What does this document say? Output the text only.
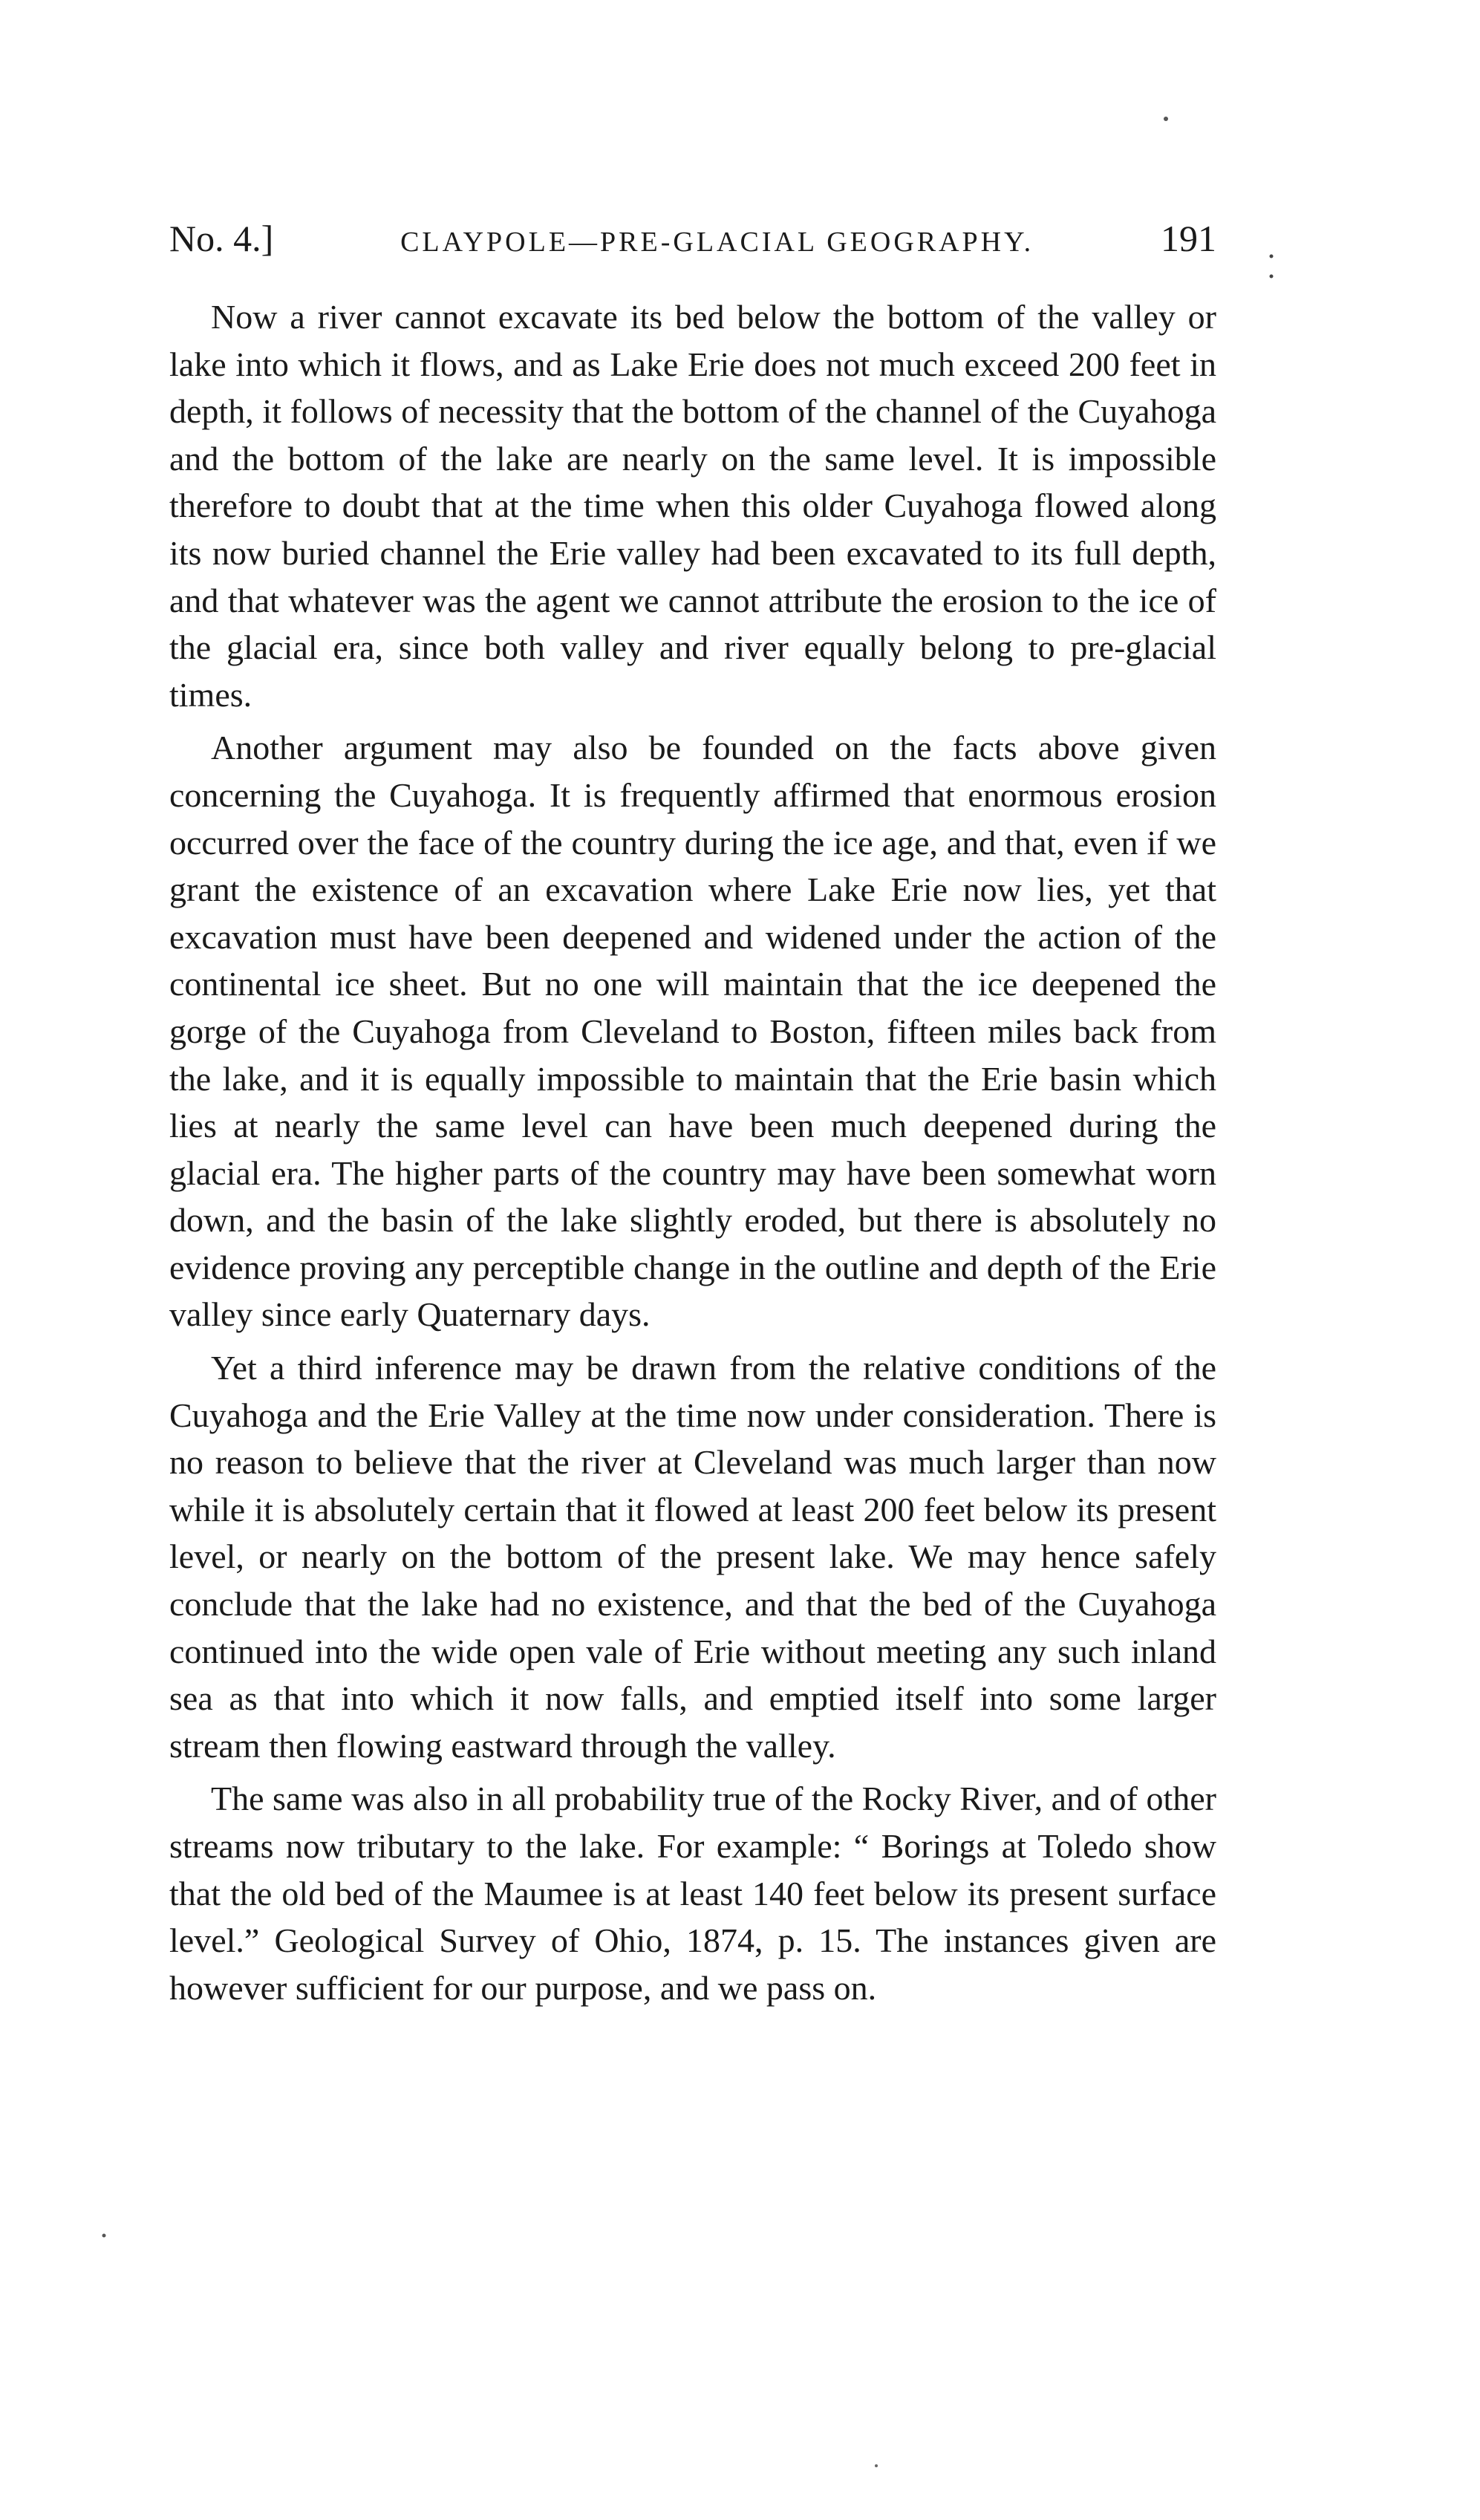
No. 4.]	CLAYPOLE—PRE-GLACIAL GEOGRAPHY.	191

Now a river cannot excavate its bed below the bottom of the valley or lake into which it flows, and as Lake Erie does not much exceed 200 feet in depth, it follows of necessity that the bottom of the channel of the Cuyahoga and the bottom of the lake are nearly on the same level. It is impossible therefore to doubt that at the time when this older Cuyahoga flowed along its now buried channel the Erie valley had been excavated to its full depth, and that whatever was the agent we cannot attribute the erosion to the ice of the glacial era, since both valley and river equally belong to pre-glacial times.

Another argument may also be founded on the facts above given concerning the Cuyahoga. It is frequently affirmed that enormous erosion occurred over the face of the country during the ice age, and that, even if we grant the existence of an excavation where Lake Erie now lies, yet that excavation must have been deepened and widened under the action of the continental ice sheet. But no one will maintain that the ice deepened the gorge of the Cuyahoga from Cleveland to Boston, fifteen miles back from the lake, and it is equally impossible to maintain that the Erie basin which lies at nearly the same level can have been much deepened during the glacial era. The higher parts of the country may have been somewhat worn down, and the basin of the lake slightly eroded, but there is absolutely no evidence proving any perceptible change in the outline and depth of the Erie valley since early Quaternary days.

Yet a third inference may be drawn from the relative conditions of the Cuyahoga and the Erie Valley at the time now under consideration. There is no reason to believe that the river at Cleveland was much larger than now while it is absolutely certain that it flowed at least 200 feet below its present level, or nearly on the bottom of the present lake. We may hence safely conclude that the lake had no existence, and that the bed of the Cuyahoga continued into the wide open vale of Erie without meeting any such inland sea as that into which it now falls, and emptied itself into some larger stream then flowing eastward through the valley.

The same was also in all probability true of the Rocky River, and of other streams now tributary to the lake. For example: “ Borings at Toledo show that the old bed of the Maumee is at least 140 feet below its present surface level.” Geological Survey of Ohio, 1874, p. 15. The instances given are however sufficient for our purpose, and we pass on.
